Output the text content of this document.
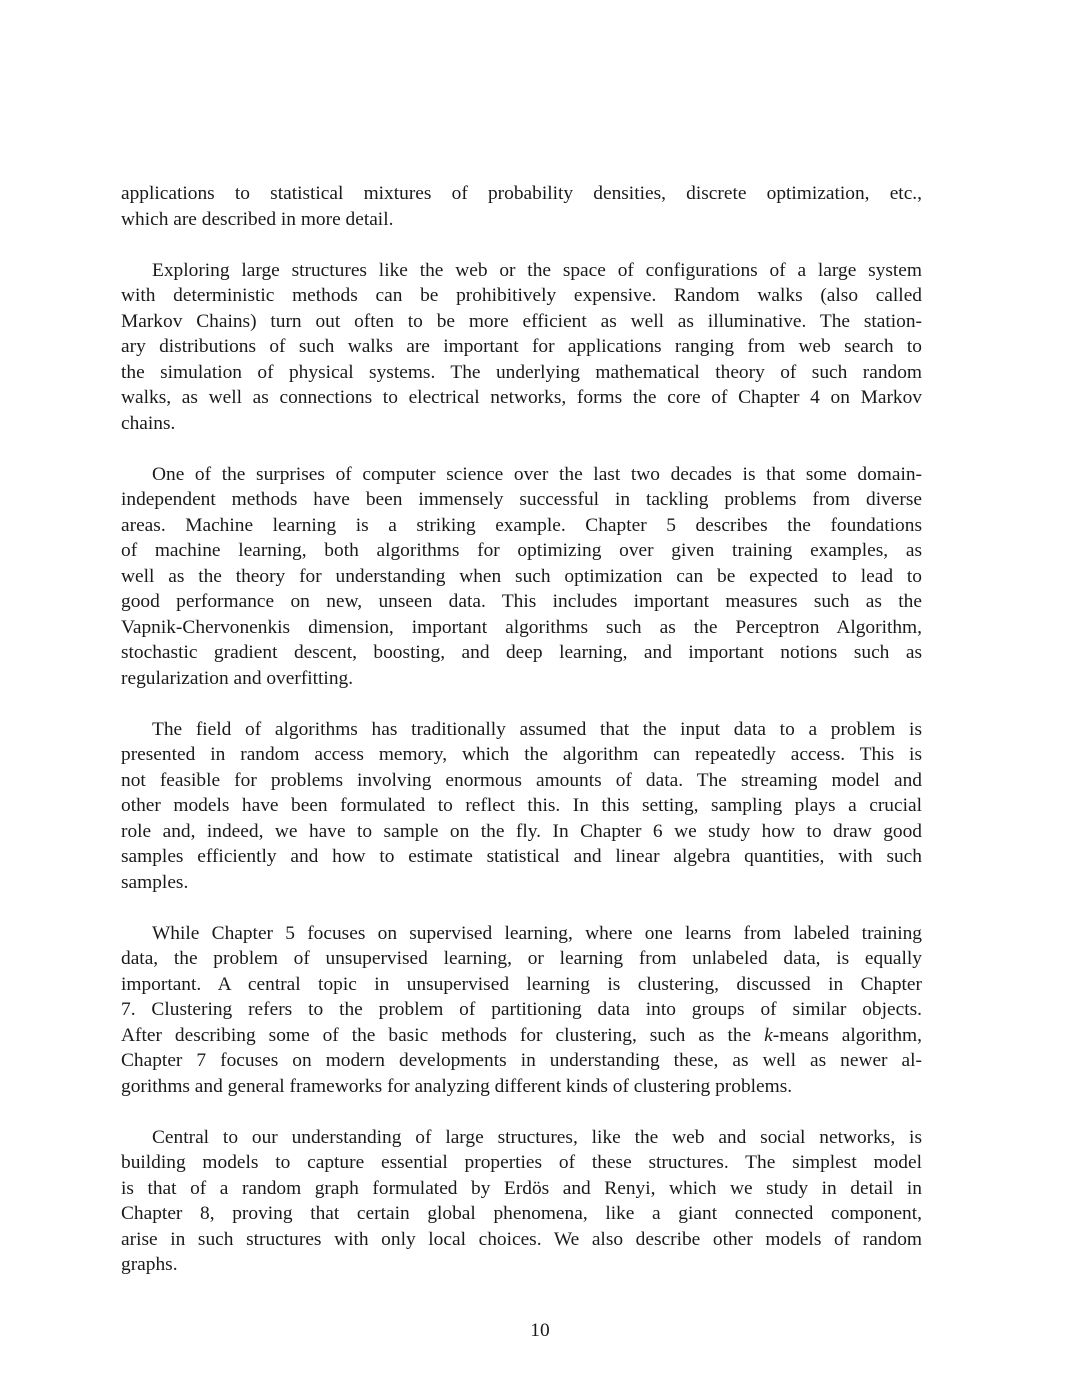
applications to statistical mixtures of probability densities, discrete optimization, etc.,
which are described in more detail.
Exploring large structures like the web or the space of configurations of a large system
with deterministic methods can be prohibitively expensive. Random walks (also called
Markov Chains) turn out often to be more efficient as well as illuminative. The station-
ary distributions of such walks are important for applications ranging from web search to
the simulation of physical systems. The underlying mathematical theory of such random
walks, as well as connections to electrical networks, forms the core of Chapter 4 on Markov
chains.
One of the surprises of computer science over the last two decades is that some domain-
independent methods have been immensely successful in tackling problems from diverse
areas. Machine learning is a striking example. Chapter 5 describes the foundations
of machine learning, both algorithms for optimizing over given training examples, as
well as the theory for understanding when such optimization can be expected to lead to
good performance on new, unseen data. This includes important measures such as the
Vapnik-Chervonenkis dimension, important algorithms such as the Perceptron Algorithm,
stochastic gradient descent, boosting, and deep learning, and important notions such as
regularization and overfitting.
The field of algorithms has traditionally assumed that the input data to a problem is
presented in random access memory, which the algorithm can repeatedly access. This is
not feasible for problems involving enormous amounts of data. The streaming model and
other models have been formulated to reflect this. In this setting, sampling plays a crucial
role and, indeed, we have to sample on the fly. In Chapter 6 we study how to draw good
samples efficiently and how to estimate statistical and linear algebra quantities, with such
samples.
While Chapter 5 focuses on supervised learning, where one learns from labeled training
data, the problem of unsupervised learning, or learning from unlabeled data, is equally
important. A central topic in unsupervised learning is clustering, discussed in Chapter
7. Clustering refers to the problem of partitioning data into groups of similar objects.
After describing some of the basic methods for clustering, such as the k-means algorithm,
Chapter 7 focuses on modern developments in understanding these, as well as newer al-
gorithms and general frameworks for analyzing different kinds of clustering problems.
Central to our understanding of large structures, like the web and social networks, is
building models to capture essential properties of these structures. The simplest model
is that of a random graph formulated by Erdös and Renyi, which we study in detail in
Chapter 8, proving that certain global phenomena, like a giant connected component,
arise in such structures with only local choices. We also describe other models of random
graphs.
10
